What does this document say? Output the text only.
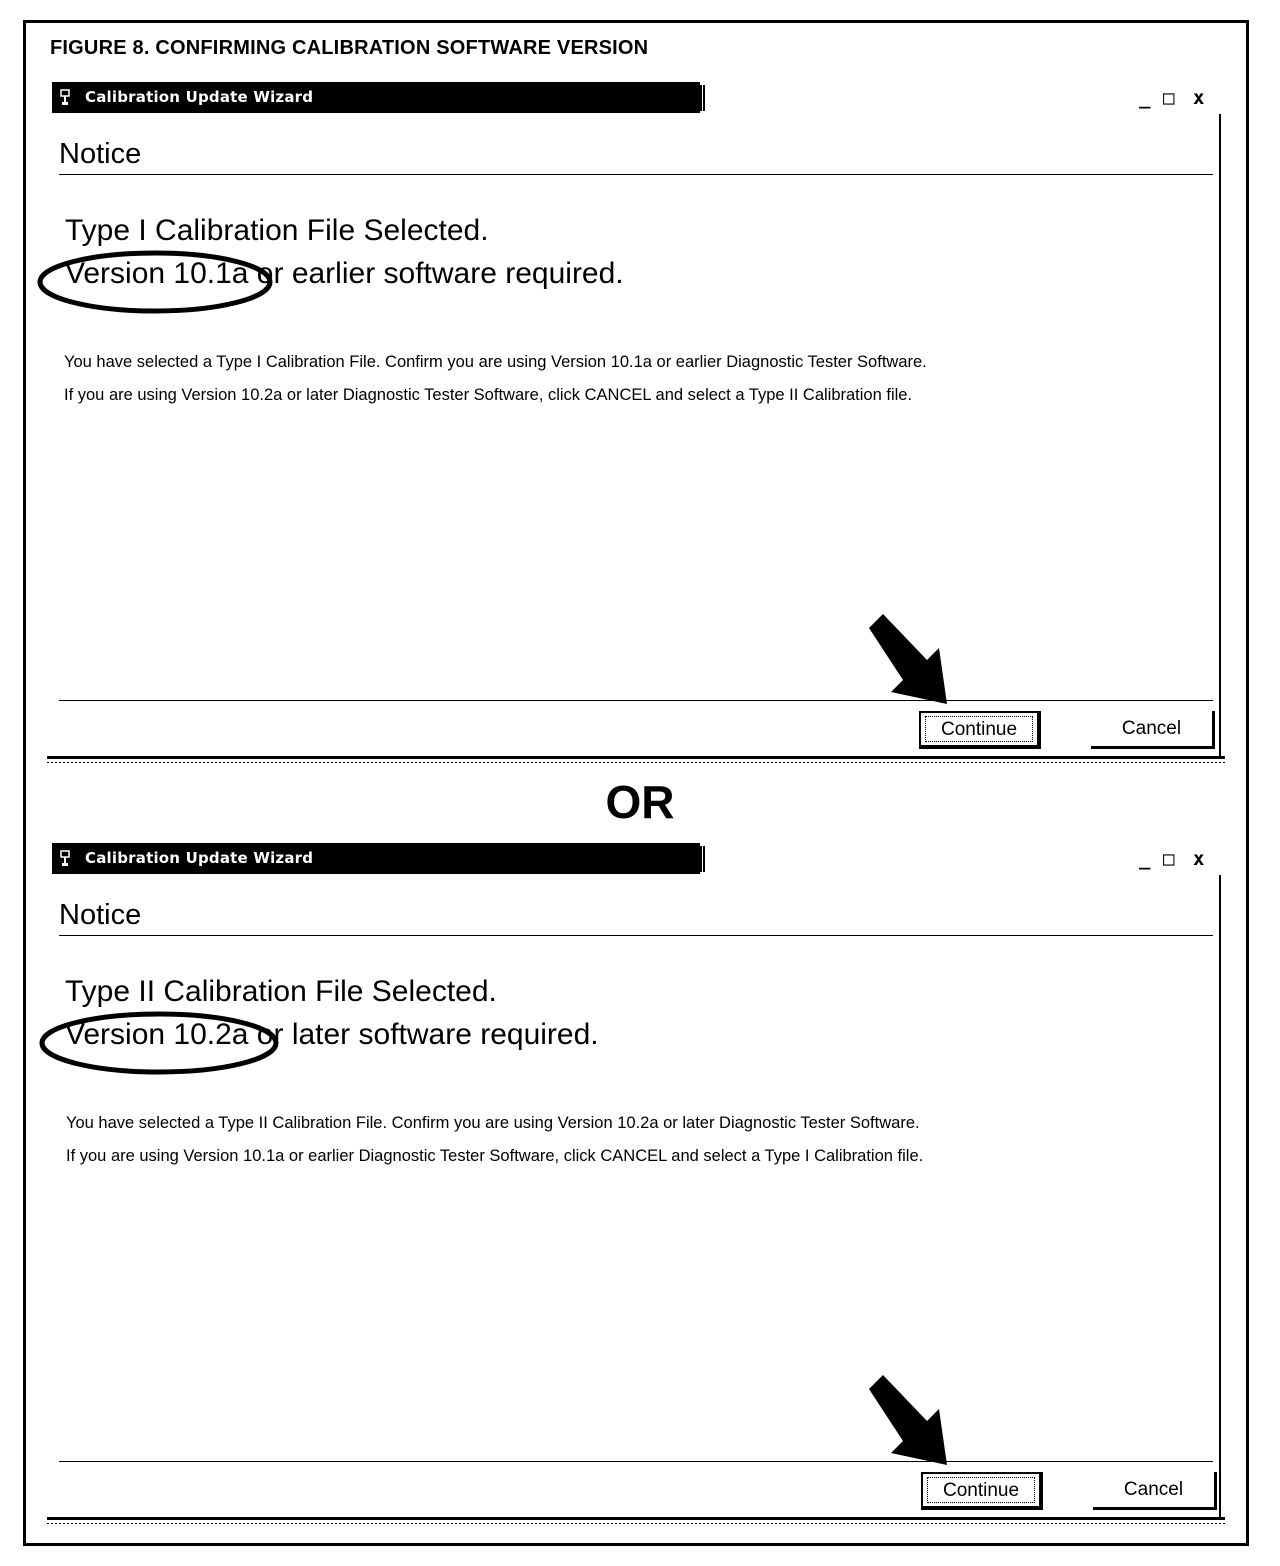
FIGURE 8. CONFIRMING CALIBRATION SOFTWARE VERSION
Calibration Update Wizard	_ □ x
Notice
Type I Calibration File Selected.
Version 10.1a or earlier software required.
You have selected a Type I Calibration File. Confirm you are using Version 10.1a or earlier Diagnostic Tester Software.
If you are using Version 10.2a or later Diagnostic Tester Software, click CANCEL and select a Type II Calibration file.
Continue	Cancel
OR
Calibration Update Wizard	_ □ x
Notice
Type II Calibration File Selected.
Version 10.2a or later software required.
You have selected a Type II Calibration File. Confirm you are using Version 10.2a or later Diagnostic Tester Software.
If you are using Version 10.1a or earlier Diagnostic Tester Software, click CANCEL and select a Type I Calibration file.
Continue	Cancel
